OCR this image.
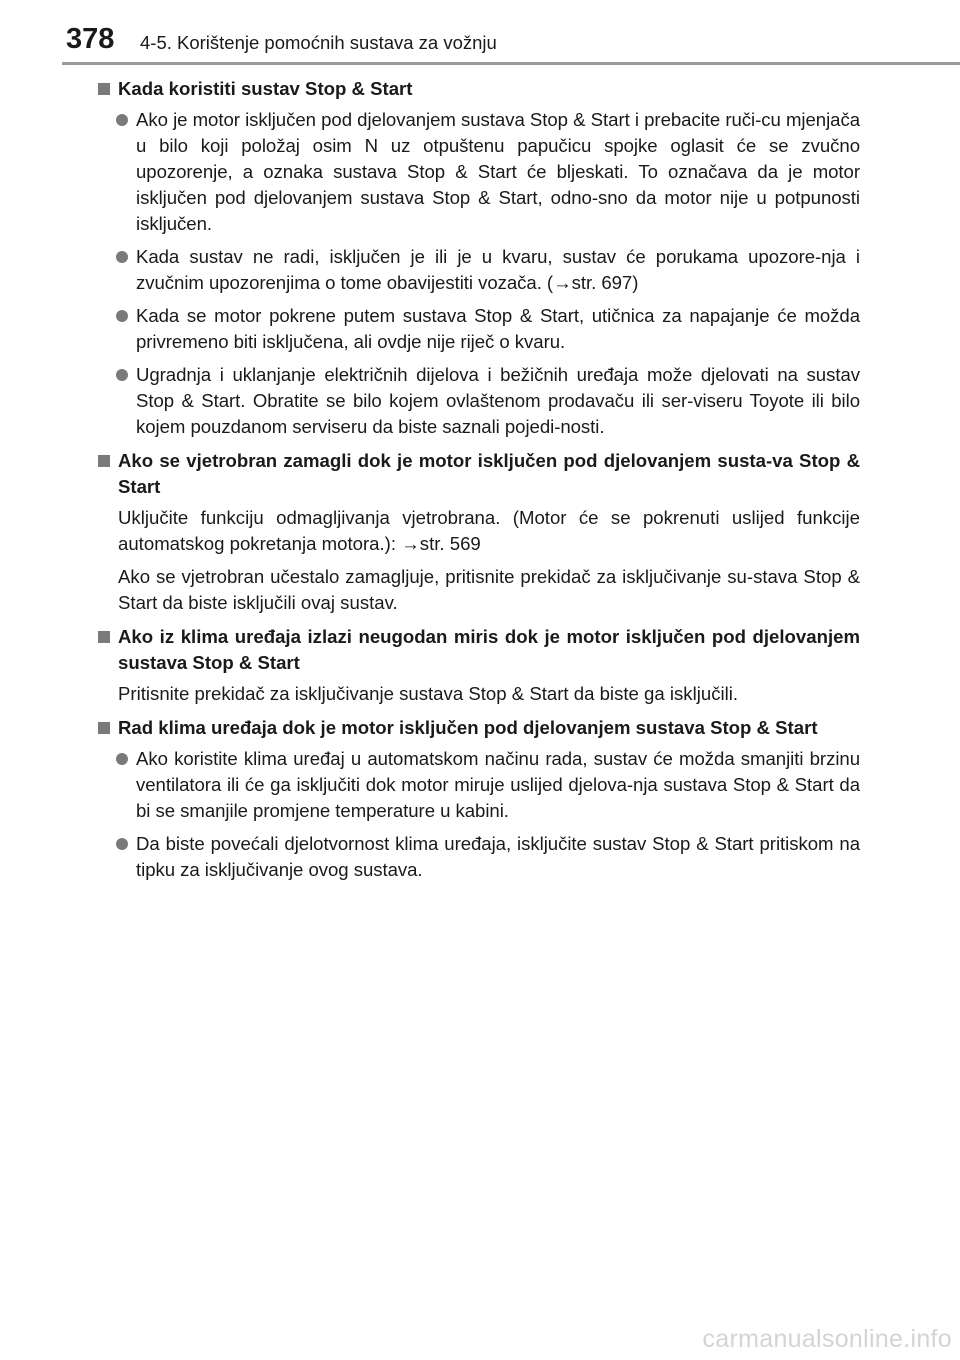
378 4-5. Korištenje pomoćnih sustava za vožnju
Kada koristiti sustav Stop & Start
Ako je motor isključen pod djelovanjem sustava Stop & Start i prebacite ruči-cu mjenjača u bilo koji položaj osim N uz otpuštenu papučicu spojke oglasit će se zvučno upozorenje, a oznaka sustava Stop & Start će bljeskati. To označava da je motor isključen pod djelovanjem sustava Stop & Start, odno-sno da motor nije u potpunosti isključen.
Kada sustav ne radi, isključen je ili je u kvaru, sustav će porukama upozore-nja i zvučnim upozorenjima o tome obavijestiti vozača. (→str. 697)
Kada se motor pokrene putem sustava Stop & Start, utičnica za napajanje će možda privremeno biti isključena, ali ovdje nije riječ o kvaru.
Ugradnja i uklanjanje električnih dijelova i bežičnih uređaja može djelovati na sustav Stop & Start. Obratite se bilo kojem ovlaštenom prodavaču ili ser-viseru Toyote ili bilo kojem pouzdanom serviseru da biste saznali pojedi-nosti.
Ako se vjetrobran zamagli dok je motor isključen pod djelovanjem susta-va Stop & Start
Uključite funkciju odmagljivanja vjetrobrana. (Motor će se pokrenuti uslijed funkcije automatskog pokretanja motora.): →str. 569
Ako se vjetrobran učestalo zamagljuje, pritisnite prekidač za isključivanje su-stava Stop & Start da biste isključili ovaj sustav.
Ako iz klima uređaja izlazi neugodan miris dok je motor isključen pod djelovanjem sustava Stop & Start
Pritisnite prekidač za isključivanje sustava Stop & Start da biste ga isključili.
Rad klima uređaja dok je motor isključen pod djelovanjem sustava Stop & Start
Ako koristite klima uređaj u automatskom načinu rada, sustav će možda smanjiti brzinu ventilatora ili će ga isključiti dok motor miruje uslijed djelova-nja sustava Stop & Start da bi se smanjile promjene temperature u kabini.
Da biste povećali djelotvornost klima uređaja, isključite sustav Stop & Start pritiskom na tipku za isključivanje ovog sustava.
carmanualsonline.info
